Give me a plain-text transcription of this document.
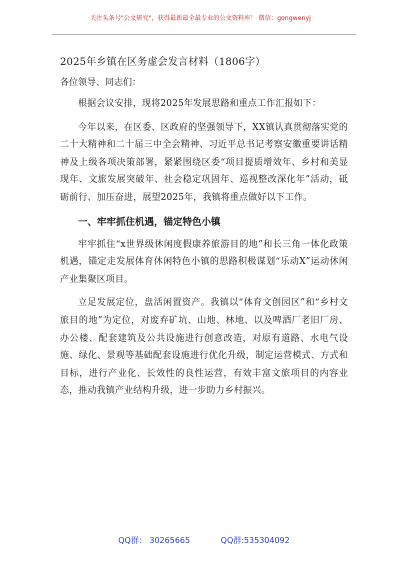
关注头条号"公文研究"，获得最新最全最专业的公文资料库！ 微信：gongwenyj
2025年乡镇在区务虚会发言材料（1806字）
各位领导、同志们：

根据会议安排，现将2025年发展思路和重点工作汇报如下：

今年以来，在区委、区政府的坚强领导下，XX镇认真贯彻落实党的二十大精神和二十届三中全会精神、习近平总书记考察安徽重要讲话精神及上级各项决策部署，紧紧围绕区委“项目提质增效年、乡村和美显现年、文旅发展突破年、社会稳定巩固年、巡视整改深化年”活动，砥砺前行、加压奋进，展望2025年，我镇将重点做好以下工作。

一、牢牢抓住机遇，锚定特色小镇

牢牢抓住“x世界级休闲度假康养旅游目的地”和长三角一体化政策机遇，锚定走发展体育休闲特色小镇的思路积极谋划“乐动X”运动休闲产业集聚区项目。

立足发展定位，盘活闲置资产。我镇以“体育文创园区”和“乡村文旅目的地”为定位，对废弃矿坑、山地、林地、以及啤酒厂老旧厂房、办公楼、配套建筑及公共设施进行创意改造，对原有道路、水电气设施、绿化、景观等基础配套设施进行优化升级，制定运营模式、方式和目标，进行产业化、长效性的良性运营，有效丰富文旅项目的内容业态，推动我镇产业结构升级，进一步助力乡村振兴。

QQ群： 30265665	QQ群:535304092
